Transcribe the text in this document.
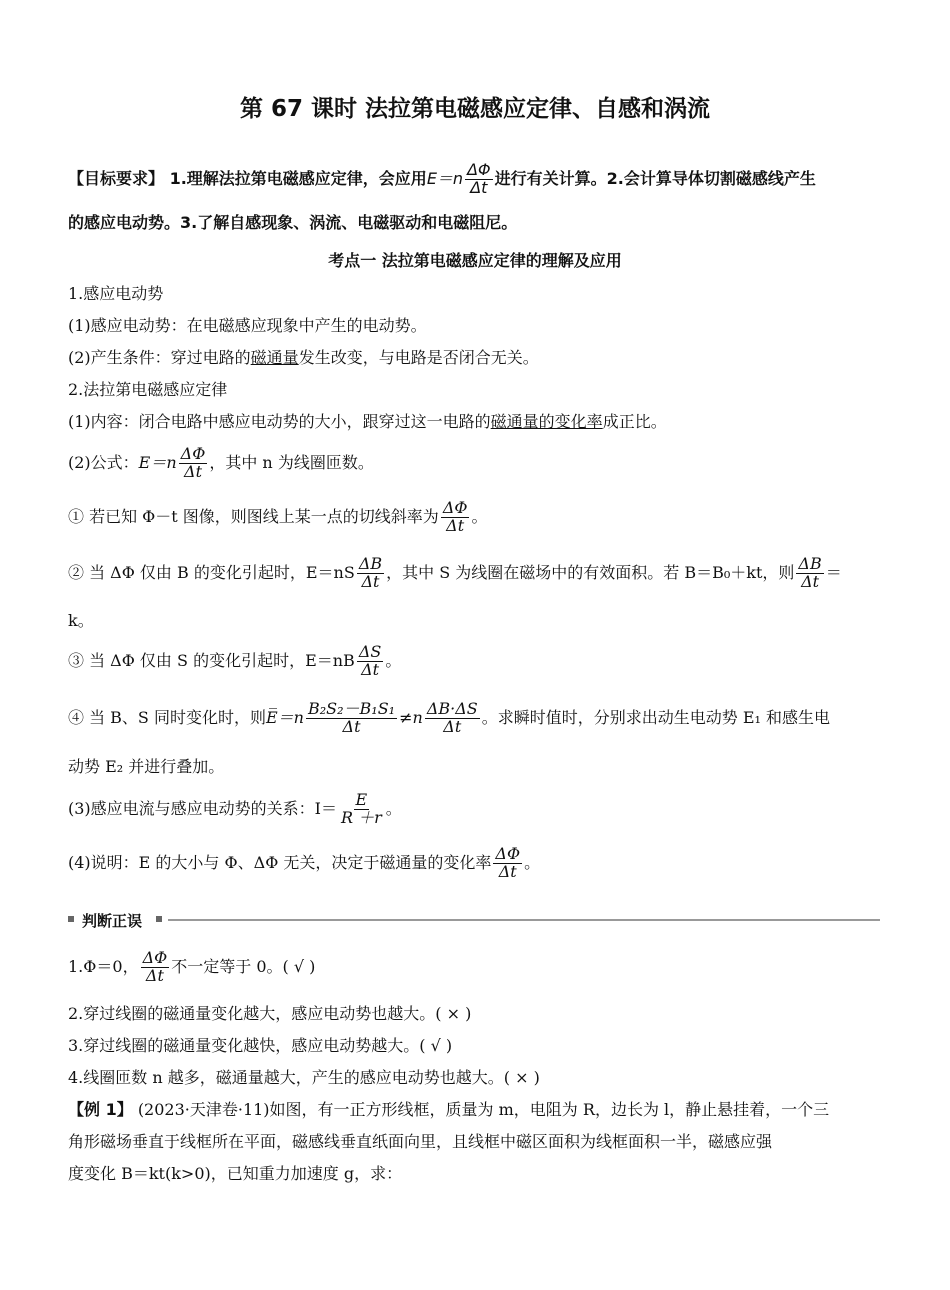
第 67 课时 法拉第电磁感应定律、自感和涡流
【目标要求】 1.理解法拉第电磁感应定律，会应用$E=n \frac{\Delta\Phi}{\Delta t}$ 进行有关计算。2.会计算导体切割磁感线产生
的感应电动势。3.了解自感现象、涡流、电磁驱动和电磁阻尼。
考点一 法拉第电磁感应定律的理解及应用
1.感应电动势
(1)感应电动势：在电磁感应现象中产生的电动势。
(2)产生条件：穿过电路的磁通量发生改变，与电路是否闭合无关。
2.法拉第电磁感应定律
(1)内容：闭合电路中感应电动势的大小，跟穿过这一电路的磁通量的变化率成正比。
(2)公式：$E=n \frac{\Delta\Phi}{\Delta t}$ ，其中 n 为线圈匝数。
① 若已知 Φ－t 图像，则图线上某一点的切线斜率为 $\frac{\Delta\Phi}{\Delta t}$ 。
② 当 ΔΦ 仅由 B 的变化引起时，$E=nS \frac{\Delta B}{\Delta t}$ ，其中 S 为线圈在磁场中的有效面积。若 B＝B₀＋kt，则 $\frac{\Delta B}{\Delta t}$ ＝
k。
③ 当 ΔΦ 仅由 S 的变化引起时，$E=nB \frac{\Delta S}{\Delta t}$ 。
④ 当 B、S 同时变化时，则E̅＝n $\frac{\text{B₂S₂－B₁S₁}}{\Delta t} \ne n \frac{\Delta B\cdot\Delta S}{\Delta t}$ 。求瞬时值时，分别求出动生电动势 E₁ 和感生电
动势 E₂ 并进行叠加。
(3)感应电流与感应电动势的关系：$I= \frac{E}{R +r}$ 。
(4)说明：E 的大小与 Φ、ΔΦ 无关，决定于磁通量的变化率 $\frac{\Delta\Phi}{\Delta t}$ 。
判断正误
1.Φ＝0， $\frac{\Delta\Phi}{\Delta t}$ 不一定等于 0。( √ )
2.穿过线圈的磁通量变化越大，感应电动势也越大。( × )
3.穿过线圈的磁通量变化越快，感应电动势越大。( √ )
4.线圈匝数 n 越多，磁通量越大，产生的感应电动势也越大。( × )
【例 1】 (2023·天津卷·11)如图，有一正方形线框，质量为 m，电阻为 R，边长为 l，静止悬挂着，一个三
角形磁场垂直于线框所在平面，磁感线垂直纸面向里，且线框中磁区面积为线框面积一半，磁感应强
度变化 B＝kt(k>0)，已知重力加速度 g，求：
